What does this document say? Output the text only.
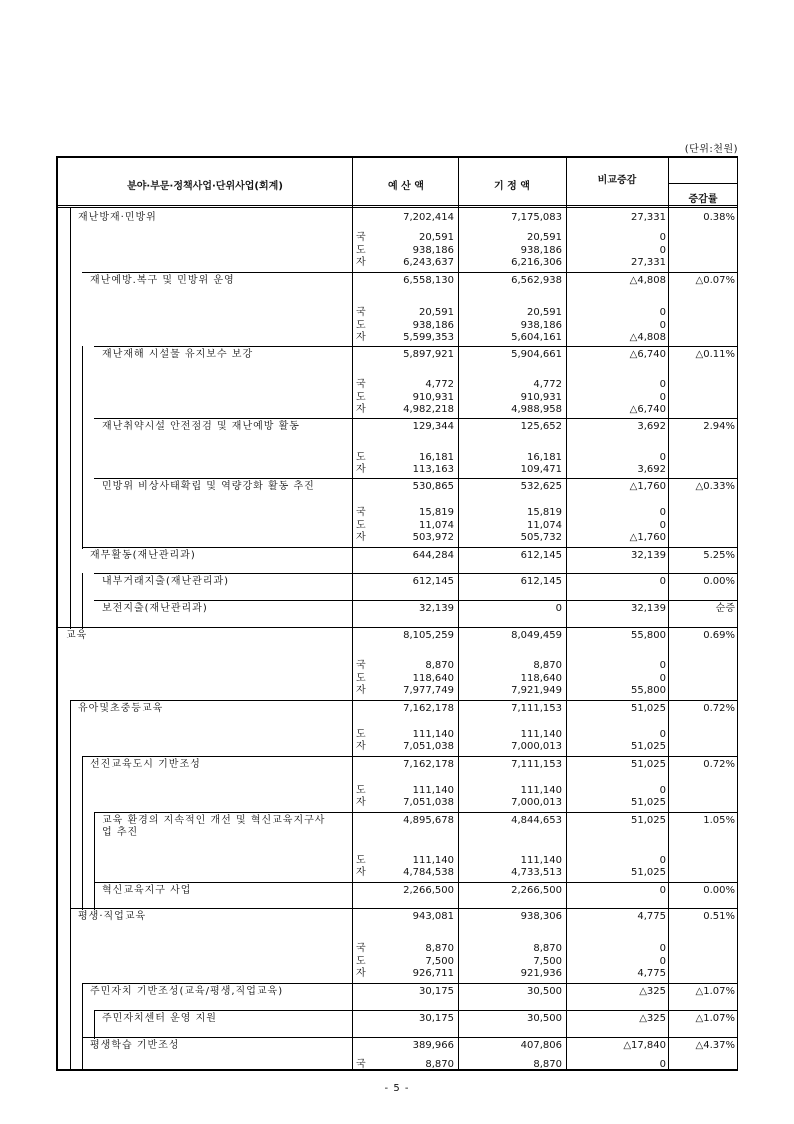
(단위:천원)
분야·부문·정책사업·단위사업(회계)	예 산 액	기 정 액
비교증감
증감률
재난방재·민방위	7,202,414	7,175,083	27,331	0.38%
국	20,591	20,591	0
도	938,186	938,186	0
자	6,243,637	6,216,306	27,331
재난예방.복구 및 민방위 운영	6,558,130	6,562,938	△4,808	△0.07%
국	20,591	20,591	0
도	938,186	938,186	0
자	5,599,353	5,604,161	△4,808
재난재해 시설물 유지보수 보강	5,897,921	5,904,661	△6,740	△0.11%
국	4,772	4,772	0
도	910,931	910,931	0
자	4,982,218	4,988,958	△6,740
재난취약시설 안전점검 및 재난예방 활동	129,344	125,652	3,692	2.94%
도	16,181	16,181	0
자	113,163	109,471	3,692
민방위 비상사태확립 및 역량강화 활동 추진	530,865	532,625	△1,760	△0.33%
국	15,819	15,819	0
도	11,074	11,074	0
자	503,972	505,732	△1,760
재무활동(재난관리과)	644,284	612,145	32,139	5.25%
내부거래지출(재난관리과)	612,145	612,145	0	0.00%
보전지출(재난관리과)	32,139	0	32,139	순증
교육	8,105,259	8,049,459	55,800	0.69%
국	8,870	8,870	0
도	118,640	118,640	0
자	7,977,749	7,921,949	55,800
유아및초중등교육	7,162,178	7,111,153	51,025	0.72%
도	111,140	111,140	0
자	7,051,038	7,000,013	51,025
선진교육도시 기반조성	7,162,178	7,111,153	51,025	0.72%
도	111,140	111,140	0
자	7,051,038	7,000,013	51,025
교육 환경의 지속적인 개선 및 혁신교육지구사
업 추진
4,895,678	4,844,653	51,025	1.05%
도	111,140	111,140	0
자	4,784,538	4,733,513	51,025
혁신교육지구 사업	2,266,500	2,266,500	0	0.00%
평생·직업교육	943,081	938,306	4,775	0.51%
국	8,870	8,870	0
도	7,500	7,500	0
자	926,711	921,936	4,775
주민자치 기반조성(교육/평생,직업교육)	30,175	30,500	△325	△1.07%
주민자치센터 운영 지원	30,175	30,500	△325	△1.07%
평생학습 기반조성	389,966	407,806	△17,840	△4.37%
국	8,870	8,870	0
- 5 -
